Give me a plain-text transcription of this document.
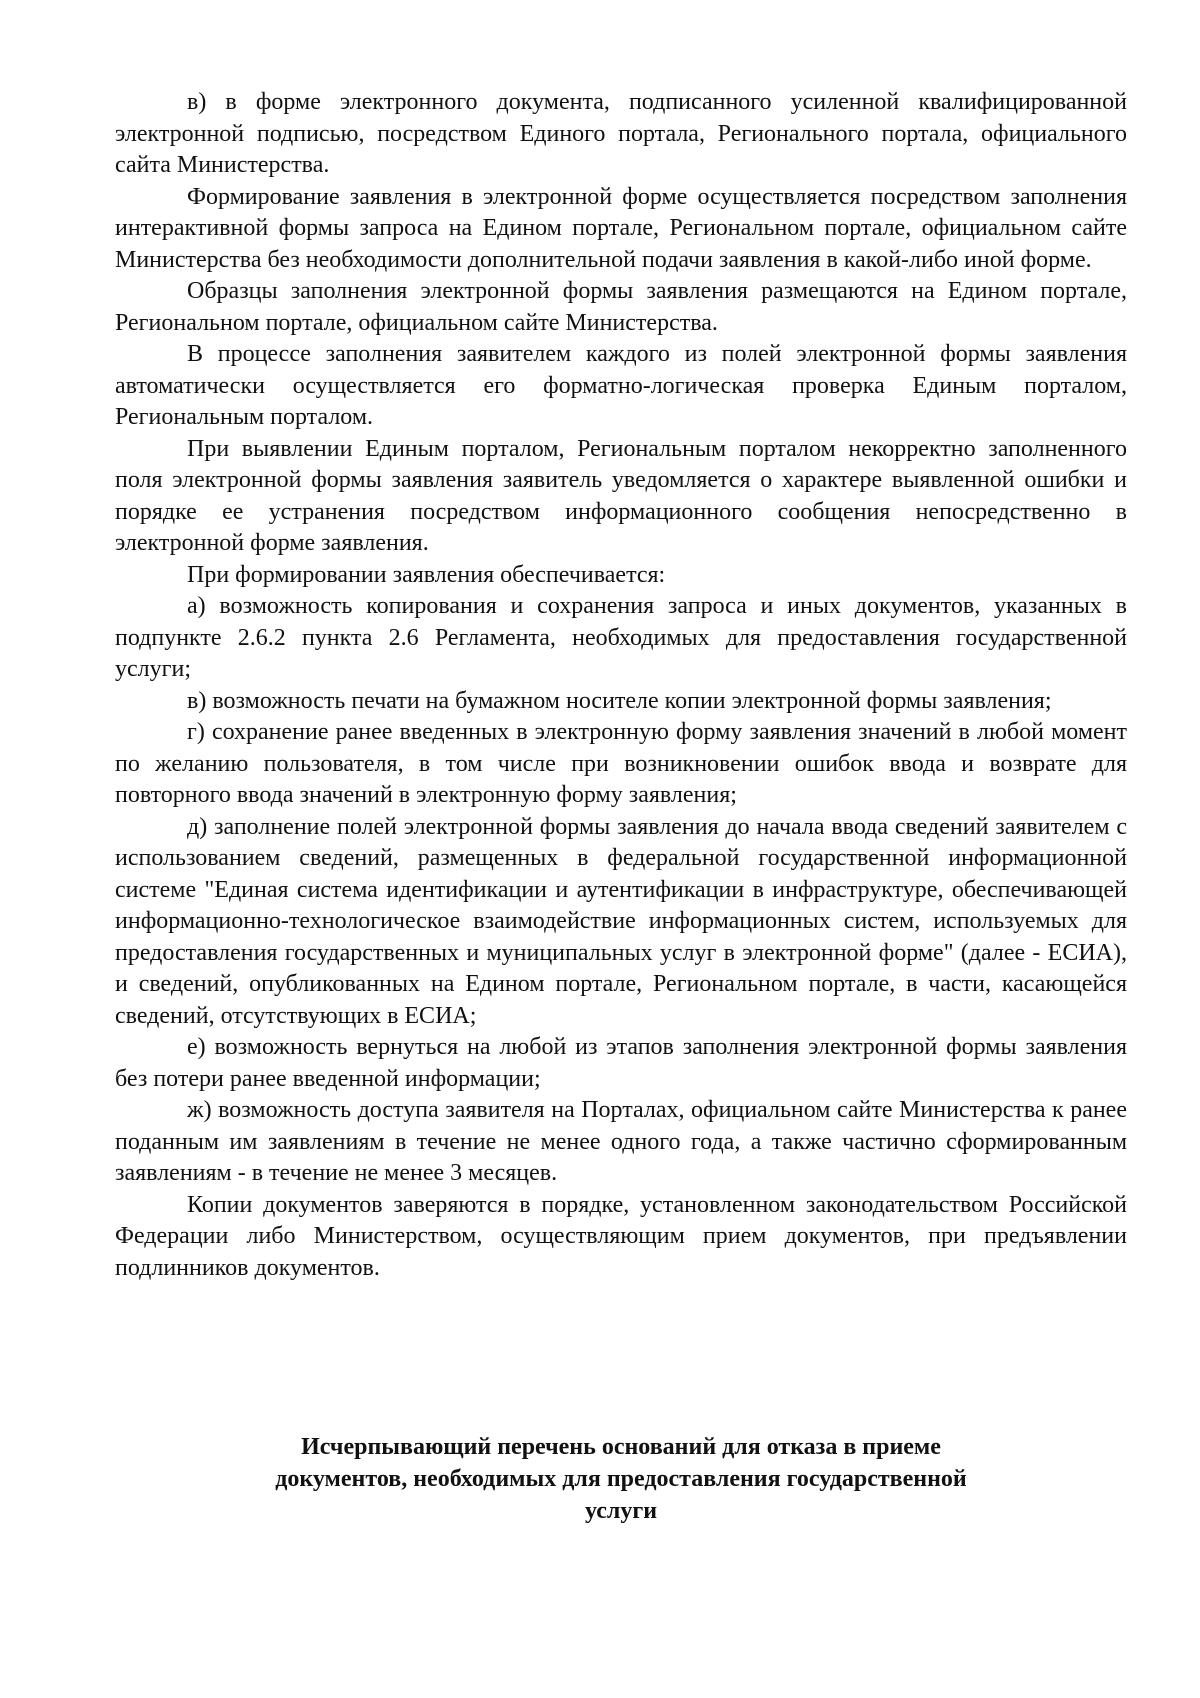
в) в форме электронного документа, подписанного усиленной квалифицированной электронной подписью, посредством Единого портала, Регионального портала, официального сайта Министерства.

Формирование заявления в электронной форме осуществляется посредством заполнения интерактивной формы запроса на Едином портале, Региональном портале, официальном сайте Министерства без необходимости дополнительной подачи заявления в какой-либо иной форме.

Образцы заполнения электронной формы заявления размещаются на Едином портале, Региональном портале, официальном сайте Министерства.

В процессе заполнения заявителем каждого из полей электронной формы заявления автоматически осуществляется его форматно-логическая проверка Единым порталом, Региональным порталом.

При выявлении Единым порталом, Региональным порталом некорректно заполненного поля электронной формы заявления заявитель уведомляется о характере выявленной ошибки и порядке ее устранения посредством информационного сообщения непосредственно в электронной форме заявления.

При формировании заявления обеспечивается:

а) возможность копирования и сохранения запроса и иных документов, указанных в подпункте 2.6.2 пункта 2.6 Регламента, необходимых для предоставления государственной услуги;

в) возможность печати на бумажном носителе копии электронной формы заявления;

г) сохранение ранее введенных в электронную форму заявления значений в любой момент по желанию пользователя, в том числе при возникновении ошибок ввода и возврате для повторного ввода значений в электронную форму заявления;

д) заполнение полей электронной формы заявления до начала ввода сведений заявителем с использованием сведений, размещенных в федеральной государственной информационной системе "Единая система идентификации и аутентификации в инфраструктуре, обеспечивающей информационно-технологическое взаимодействие информационных систем, используемых для предоставления государственных и муниципальных услуг в электронной форме" (далее - ЕСИА), и сведений, опубликованных на Едином портале, Региональном портале, в части, касающейся сведений, отсутствующих в ЕСИА;

е) возможность вернуться на любой из этапов заполнения электронной формы заявления без потери ранее введенной информации;

ж) возможность доступа заявителя на Порталах, официальном сайте Министерства к ранее поданным им заявлениям в течение не менее одного года, а также частично сформированным заявлениям - в течение не менее 3 месяцев.

Копии документов заверяются в порядке, установленном законодательством Российской Федерации либо Министерством, осуществляющим прием документов, при предъявлении подлинников документов.

Исчерпывающий перечень оснований для отказа в приеме
документов, необходимых для предоставления государственной
услуги
